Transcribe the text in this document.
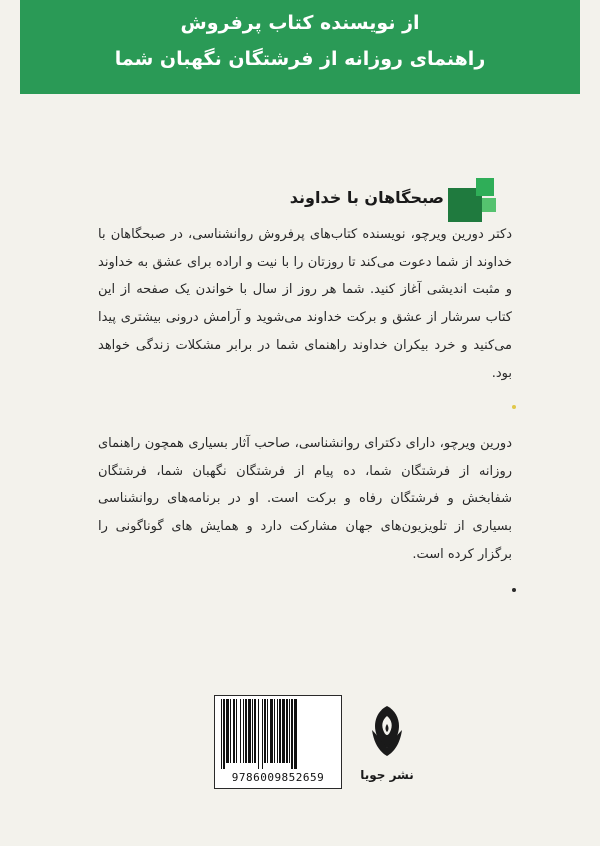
از نویسنده کتاب پرفروش
راهنمای روزانه از فرشتگان نگهبان شما
صبحگاهان با خداوند
دکتر دورین ویرچو، نویسنده کتاب‌های پرفروش روانشناسی، در صبحگاهان با خداوند از شما دعوت می‌کند تا روزتان را با نیت و اراده برای عشق به خداوند و مثبت اندیشی آغاز کنید. شما هر روز از سال با خواندن یک صفحه از این کتاب سرشار از عشق و برکت خداوند می‌شوید و آرامش درونی بیشتری پیدا می‌کنید و خرد بیکران خداوند راهنمای شما در برابر مشکلات زندگی خواهد بود.
دورین ویرچو، دارای دکترای روانشناسی، صاحب آثار بسیاری همچون راهنمای روزانه از فرشتگان شما، ده پیام از فرشتگان نگهبان شما، فرشتگان شفابخش و فرشتگان رفاه و برکت است. او در برنامه‌های روانشناسی بسیاری از تلویزیون‌های جهان مشارکت دارد و همایش های گوناگونی را برگزار کرده است.
9786009852659	نشر جویا
